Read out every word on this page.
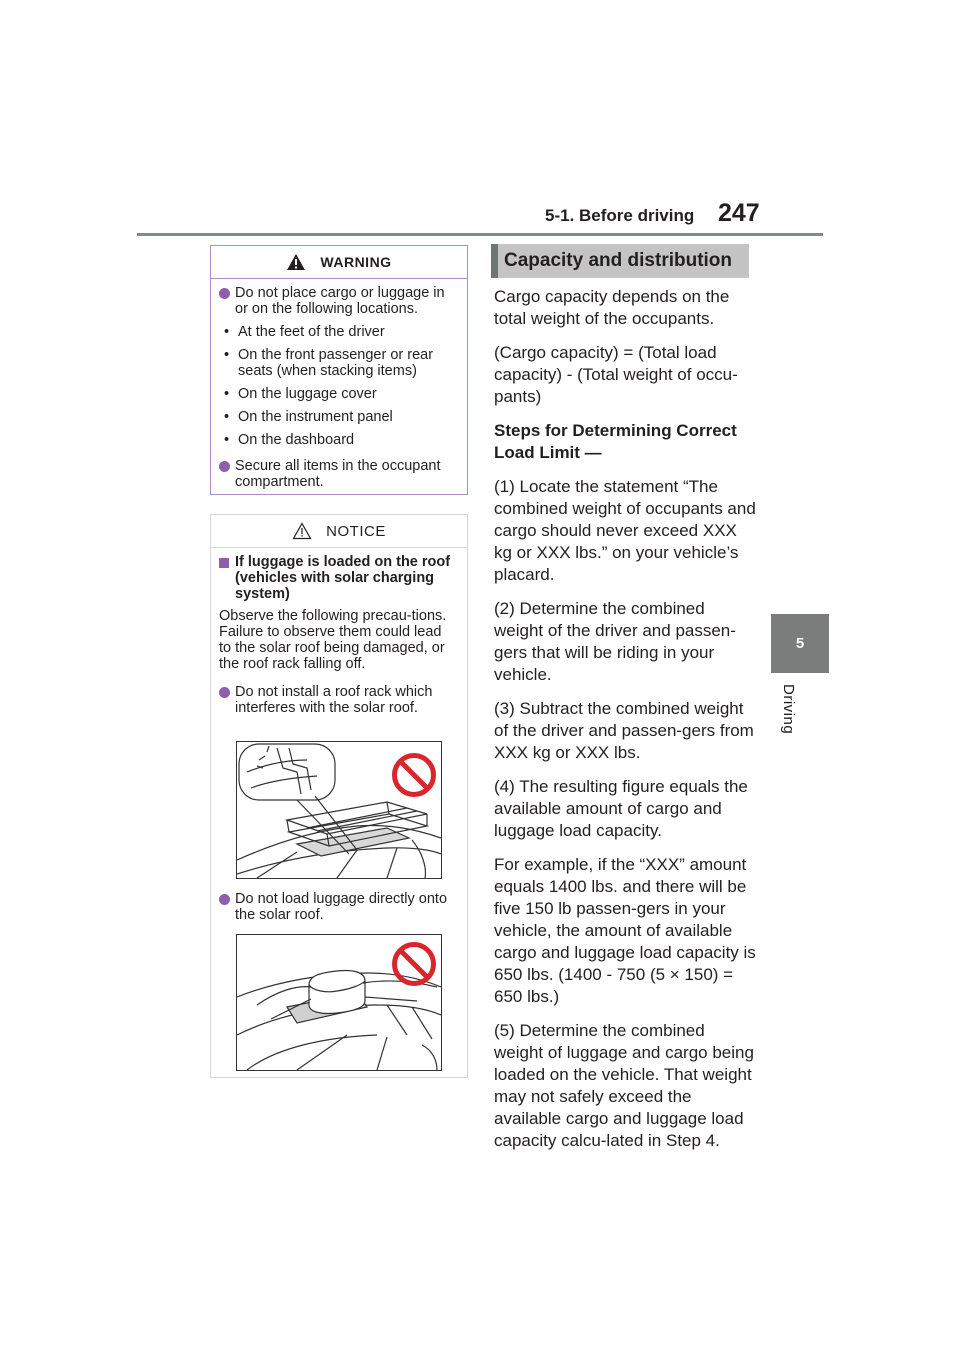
5-1. Before driving 247
5
Driving
WARNING
Do not place cargo or luggage in or on the following locations.
• At the feet of the driver
• On the front passenger or rear seats (when stacking items)
• On the luggage cover
• On the instrument panel
• On the dashboard
Secure all items in the occupant compartment.
NOTICE
If luggage is loaded on the roof (vehicles with solar charging system)
Observe the following precau-tions. Failure to observe them could lead to the solar roof being damaged, or the roof rack falling off.
Do not install a roof rack which interferes with the solar roof.
Do not load luggage directly onto the solar roof.
Capacity and distribution

Cargo capacity depends on the total weight of the occupants.

(Cargo capacity) = (Total load capacity) - (Total weight of occu-pants)

Steps for Determining Correct Load Limit —

(1) Locate the statement “The combined weight of occupants and cargo should never exceed XXX kg or XXX lbs.” on your vehicle’s placard.

(2) Determine the combined weight of the driver and passen-gers that will be riding in your vehicle.

(3) Subtract the combined weight of the driver and passen-gers from XXX kg or XXX lbs.

(4) The resulting figure equals the available amount of cargo and luggage load capacity.

For example, if the “XXX” amount equals 1400 lbs. and there will be five 150 lb passen-gers in your vehicle, the amount of available cargo and luggage load capacity is 650 lbs. (1400 - 750 (5 × 150) = 650 lbs.)

(5) Determine the combined weight of luggage and cargo being loaded on the vehicle. That weight may not safely exceed the available cargo and luggage load capacity calcu-lated in Step 4.
